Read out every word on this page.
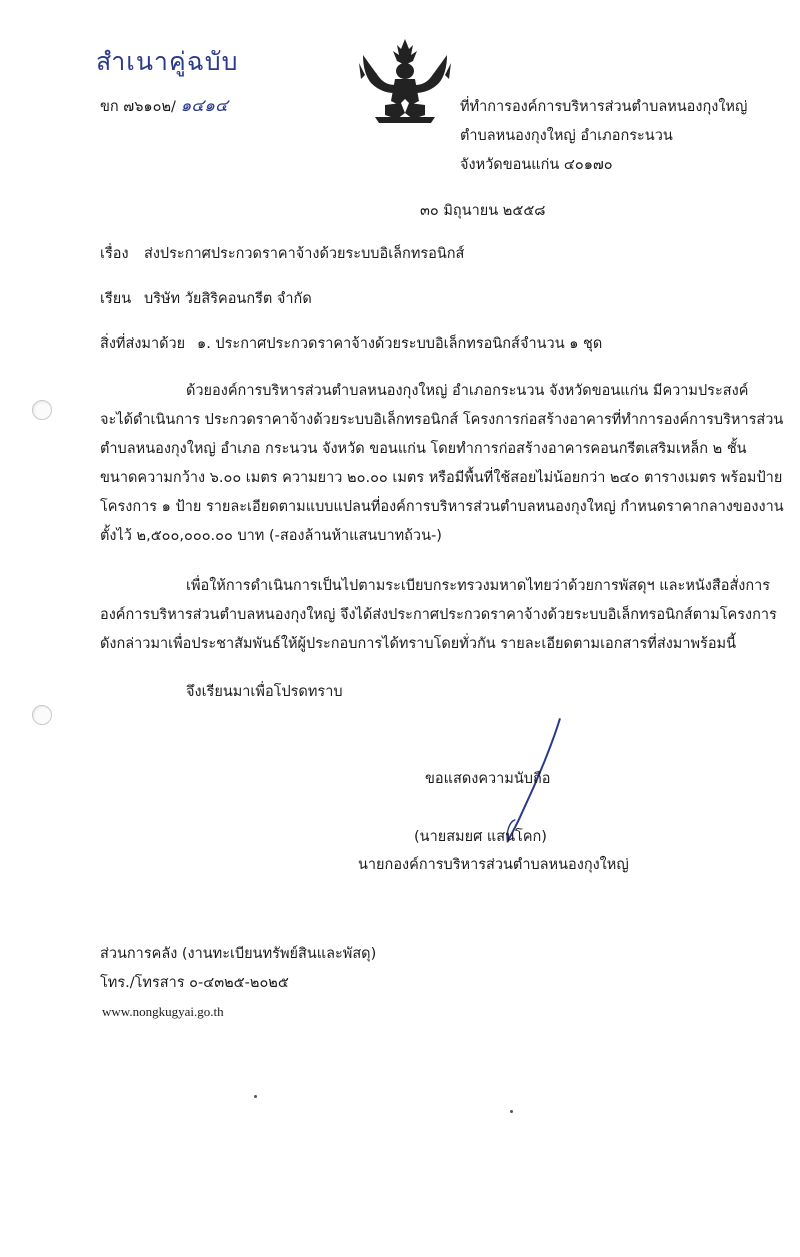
สำเนาคู่ฉบับ
ขก ๗๖๑๐๒/ ๑๔๑๔	ที่ทำการองค์การบริหารส่วนตำบลหนองกุงใหญ่
ตำบลหนองกุงใหญ่ อำเภอกระนวน
จังหวัดขอนแก่น ๔๐๑๗๐
๓๐ มิถุนายน ๒๕๕๘
เรื่อง ส่งประกาศประกวดราคาจ้างด้วยระบบอิเล็กทรอนิกส์
เรียน บริษัท วัยสิริคอนกรีต จำกัด
สิ่งที่ส่งมาด้วย ๑. ประกาศประกวดราคาจ้างด้วยระบบอิเล็กทรอนิกส์ จำนวน ๑ ชุด
ด้วยองค์การบริหารส่วนตำบลหนองกุงใหญ่ อำเภอกระนวน จังหวัดขอนแก่น มีความประสงค์
จะได้ดำเนินการ ประกวดราคาจ้างด้วยระบบอิเล็กทรอนิกส์ โครงการก่อสร้างอาคารที่ทำการองค์การบริหารส่วน
ตำบลหนองกุงใหญ่ อำเภอ กระนวน จังหวัด ขอนแก่น โดยทำการก่อสร้างอาคารคอนกรีตเสริมเหล็ก ๒ ชั้น
ขนาดความกว้าง ๖.๐๐ เมตร ความยาว ๒๐.๐๐ เมตร หรือมีพื้นที่ใช้สอยไม่น้อยกว่า ๒๔๐ ตารางเมตร พร้อมป้าย
โครงการ ๑ ป้าย รายละเอียดตามแบบแปลนที่องค์การบริหารส่วนตำบลหนองกุงใหญ่ กำหนดราคากลางของงาน
ตั้งไว้ ๒,๕๐๐,๐๐๐.๐๐ บาท (-สองล้านห้าแสนบาทถ้วน-)
เพื่อให้การดำเนินการเป็นไปตามระเบียบกระทรวงมหาดไทยว่าด้วยการพัสดุฯ และหนังสือสั่งการ
องค์การบริหารส่วนตำบลหนองกุงใหญ่ จึงได้ส่งประกาศประกวดราคาจ้างด้วยระบบอิเล็กทรอนิกส์ตามโครงการ
ดังกล่าวมาเพื่อประชาสัมพันธ์ให้ผู้ประกอบการได้ทราบโดยทั่วกัน รายละเอียดตามเอกสารที่ส่งมาพร้อมนี้
จึงเรียนมาเพื่อโปรดทราบ
ขอแสดงความนับถือ
(นายสมยศ แสนโคก)
นายกองค์การบริหารส่วนตำบลหนองกุงใหญ่
ส่วนการคลัง (งานทะเบียนทรัพย์สินและพัสดุ)
โทร./โทรสาร ๐-๔๓๒๕-๒๐๒๕
www.nongkugyai.go.th
